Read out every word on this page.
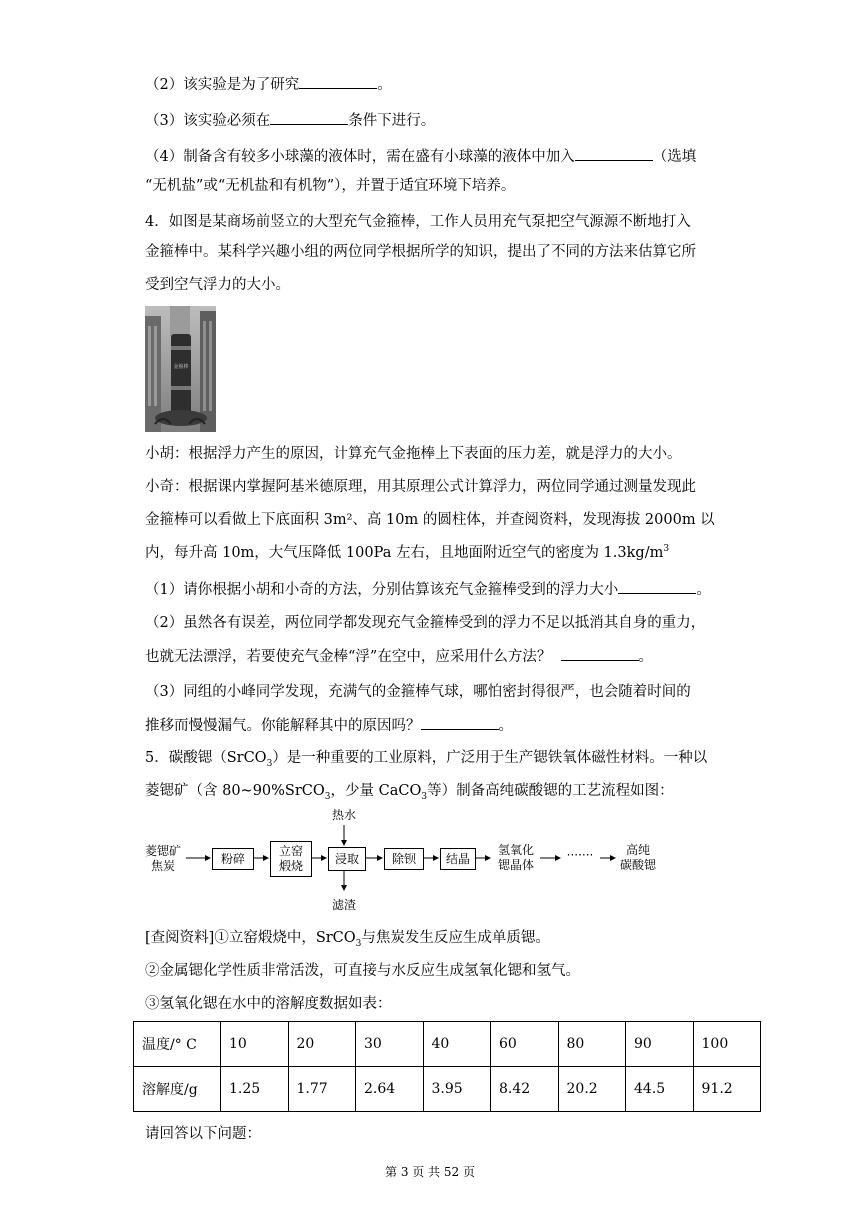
（2）该实验是为了研究	。
（3）该实验必须在	条件下进行。
（4）制备含有较多小球藻的液体时，需在盛有小球藻的液体中加入	（选填
“无机盐”或“无机盐和有机物”），并置于适宜环境下培养。
4．如图是某商场前竖立的大型充气金箍棒，工作人员用充气泵把空气源源不断地打入
金箍棒中。某科学兴趣小组的两位同学根据所学的知识，提出了不同的方法来估算它所
受到空气浮力的大小。
金箍棒
小胡：根据浮力产生的原因，计算充气金拖棒上下表面的压力差，就是浮力的大小。
小奇：根据课内掌握阿基米德原理，用其原理公式计算浮力，两位同学通过测量发现此
金箍棒可以看做上下底面积 3m²、高 10m 的圆柱体，并查阅资料，发现海拔 2000m 以
内，每升高 10m，大气压降低 100Pa 左右，且地面附近空气的密度为 $1.3kg/m^3$
（1）请你根据小胡和小奇的方法，分别估算该充气金箍棒受到的浮力大小	。
（2）虽然各有误差，两位同学都发现充气金箍棒受到的浮力不足以抵消其自身的重力，
也就无法漂浮，若要使充气金棒“浮”在空中，应采用什么方法？	。
（3）同组的小峰同学发现，充满气的金箍棒气球，哪怕密封得很严，也会随着时间的
推移而慢慢漏气。你能解释其中的原因吗？	。
5．碳酸锶（SrCO$_3$）是一种重要的工业原料，广泛用于生产锶铁氧体磁性材料。一种以
菱锶矿（含 80~90%SrCO$_3$，少量 CaCO$_3$等）制备高纯碳酸锶的工艺流程如图：
菱锶矿
焦炭
粉碎
立窑
煅烧
热水
浸取
滤渣
除钡	结晶
氢氧化
锶晶体
·······	高纯
碳酸锶
[查阅资料]①立窑煅烧中，SrCO$_3$与焦炭发生反应生成单质锶。
②金属锶化学性质非常活泼，可直接与水反应生成氢氧化锶和氢气。
③氢氧化锶在水中的溶解度数据如表：
温度/° C	10	20	30	40	60	80	90	100
溶解度/g	1.25	1.77	2.64	3.95	8.42	20.2	44.5	91.2
请回答以下问题：
第 3 页 共 52 页
